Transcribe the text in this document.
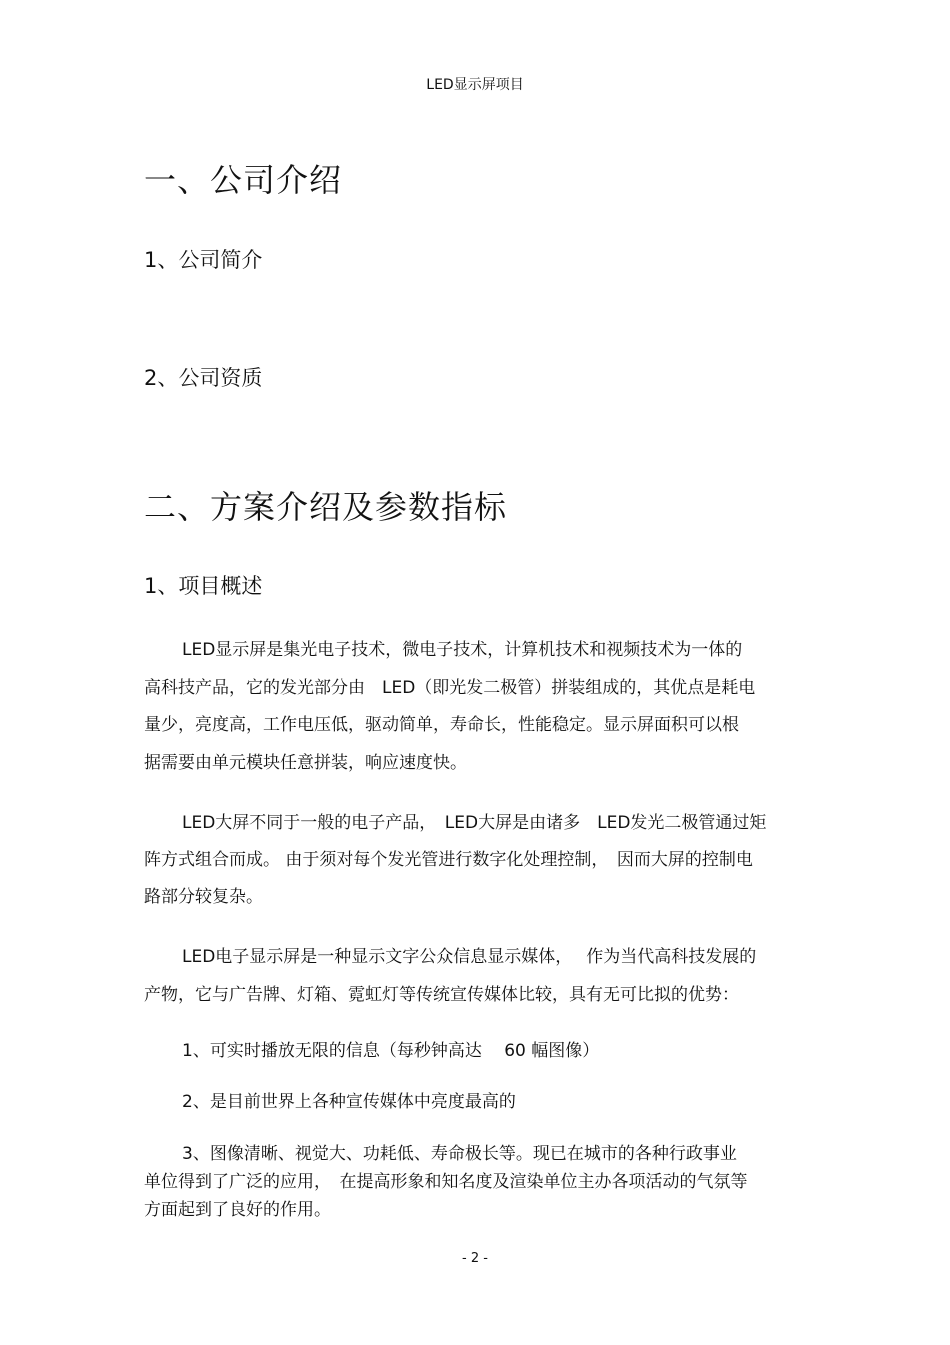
LED显示屏项目
一、公司介绍
1、公司简介
2、公司资质
二、方案介绍及参数指标
1、项目概述
LED显示屏是集光电子技术，微电子技术，计算机技术和视频技术为一体的
高科技产品，它的发光部分由　LED（即光发二极管）拼装组成的，其优点是耗电
量少，亮度高，工作电压低，驱动简单，寿命长，性能稳定。显示屏面积可以根
据需要由单元模块任意拼装，响应速度快。
LED大屏不同于一般的电子产品，　LED大屏是由诸多　LED发光二极管通过矩
阵方式组合而成。 由于须对每个发光管进行数字化处理控制，　因而大屏的控制电
路部分较复杂。
LED电子显示屏是一种显示文字公众信息显示媒体，　 作为当代高科技发展的
产物，它与广告牌、灯箱、霓虹灯等传统宣传媒体比较，具有无可比拟的优势：
1、可实时播放无限的信息（每秒钟高达　 60 幅图像）
2、是目前世界上各种宣传媒体中亮度最高的
3、图像清晰、视觉大、功耗低、寿命极长等。现已在城市的各种行政事业
单位得到了广泛的应用，　在提高形象和知名度及渲染单位主办各项活动的气氛等
方面起到了良好的作用。
- 2 -
